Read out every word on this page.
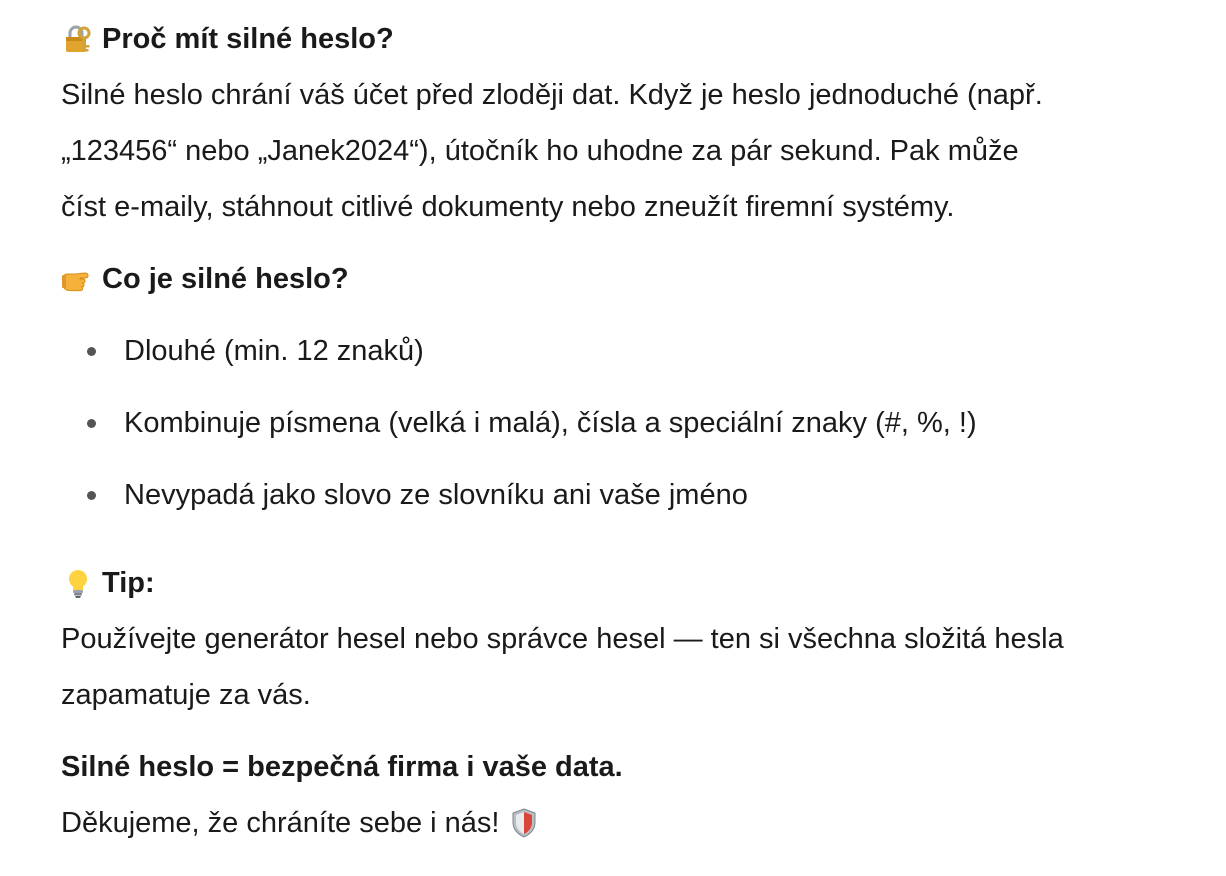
Proč mít silné heslo?

Silné heslo chrání váš účet před zloději dat. Když je heslo jednoduché (např.
„123456“ nebo „Janek2024“), útočník ho uhodne za pár sekund. Pak může
číst e-maily, stáhnout citlivé dokumenty nebo zneužít firemní systémy.

Co je silné heslo?
Dlouhé (min. 12 znaků)
Kombinuje písmena (velká i malá), čísla a speciální znaky (#, %, !)
Nevypadá jako slovo ze slovníku ani vaše jméno
Tip:

Používejte generátor hesel nebo správce hesel — ten si všechna složitá hesla
zapamatuje za vás.

Silné heslo = bezpečná firma i vaše data.

Děkujeme, že chráníte sebe i nás!
